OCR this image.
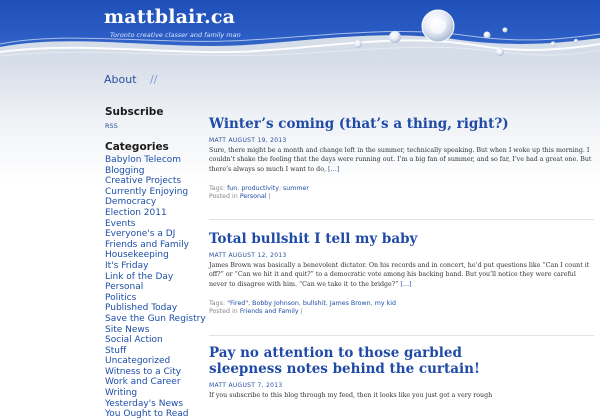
mattblair.ca
Toronto creative classer and family man
About //
Subscribe
RSS
Categories
Babylon Telecom
Blogging
Creative Projects
Currently Enjoying
Democracy
Election 2011
Events
Everyone's a DJ
Friends and Family
Housekeeping
It's Friday
Link of the Day
Personal
Politics
Published Today
Save the Gun Registry
Site News
Social Action
Stuff
Uncategorized
Witness to a City
Work and Career
Writing
Yesterday's News
You Ought to Read
Winter’s coming (that’s a thing, right?)
MATT AUGUST 19, 2013
Sure, there might be a month and change left in the summer, technically speaking. But when I woke up this morning. I couldn’t shake the feeling that the days were running out. I’m a big fan of summer, and so far, I’ve had a great one. But there’s always so much I want to do, […]
Tags: fun, productivity, summer
Posted in Personal |
Total bullshit I tell my baby
MATT AUGUST 12, 2013
James Brown was basically a benevolent dictator. On his records and in concert, he’d put questions like “Can I count it off?” or “Can we hit it and quit?” to a democratic vote among his backing band. But you’ll notice they were careful never to disagree with him. “Can we take it to the bridge?” […]
Tags: "Fired", Bobby Johnson, bullshit, James Brown, my kid
Posted in Friends and Family |
Pay no attention to those garbled sleepness notes behind the curtain!
MATT AUGUST 7, 2013
If you subscribe to this blog through my feed, then it looks like you just got a very rough
